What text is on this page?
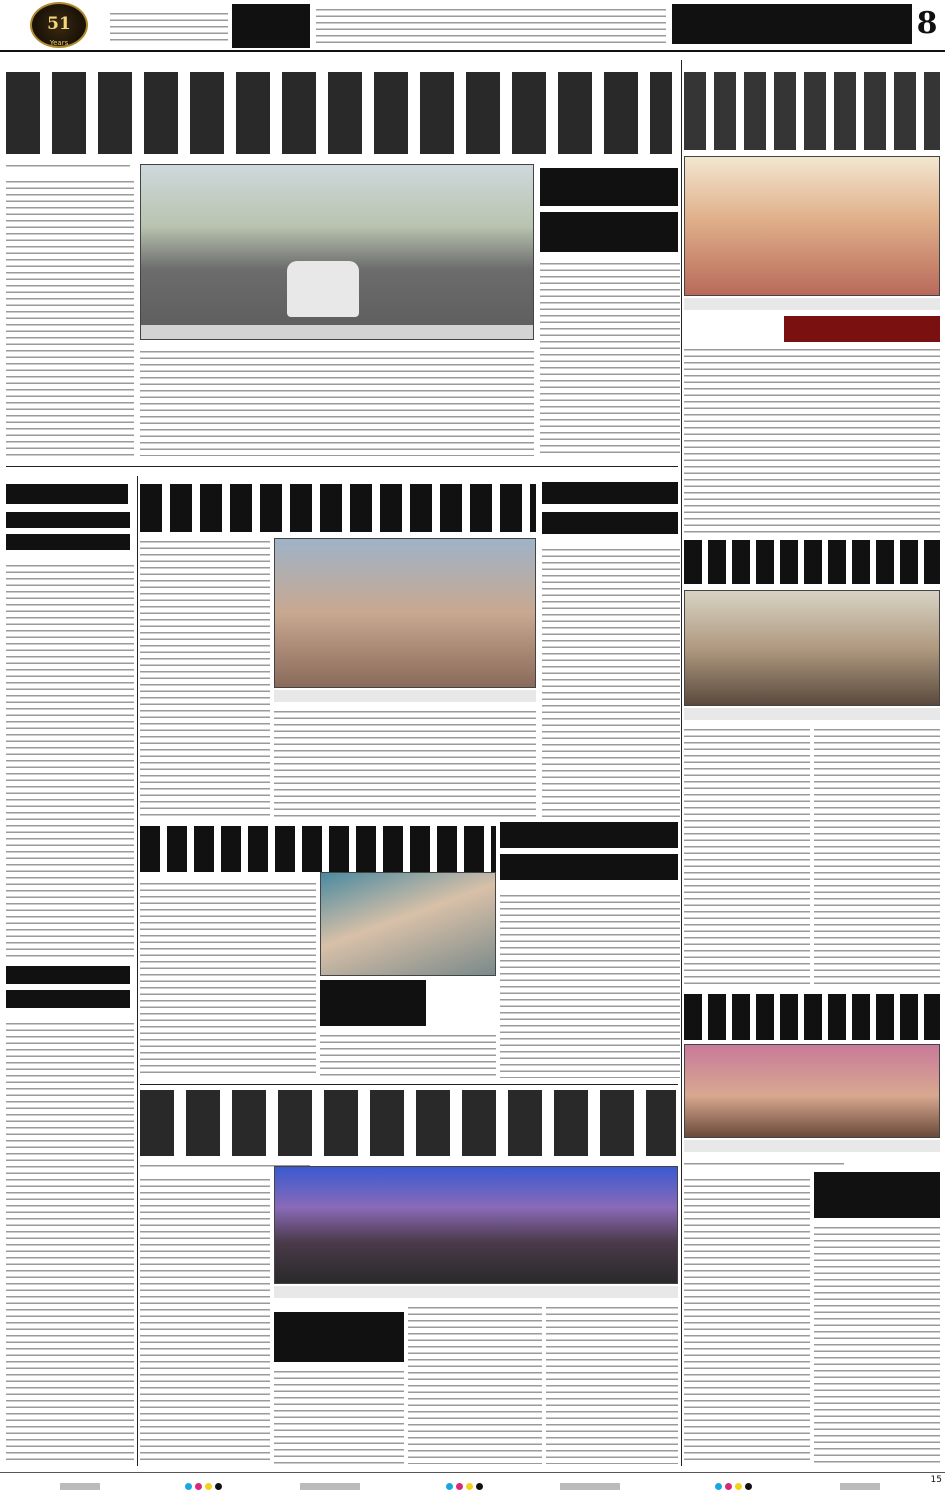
51
Years
8
15
